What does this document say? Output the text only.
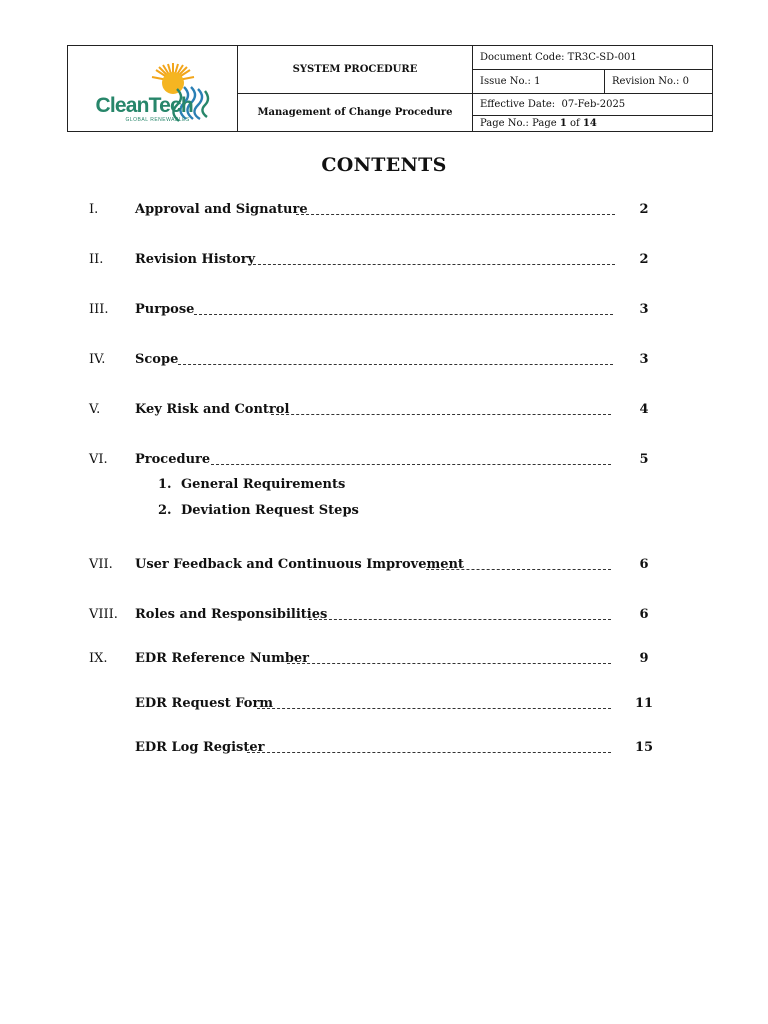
CleanTech
GLOBAL RENEWABLES	SYSTEM PROCEDURE	Document Code: TR3C-SD-001	
		Issue No.: 1	Revision No.: 0
	Management of Change Procedure	Effective Date: 07-Feb-2025	
		Page No.: Page 1 of 14	
CONTENTS
I.	Approval and Signature	2
II. Revision History	2
III. Purpose	3
IV. Scope	3
V.	Key Risk and Control	4
VI. Procedure	5
1. General Requirements
2. Deviation Request Steps
VII. User Feedback and Continuous Improvement	6
VIII. Roles and Responsibilities	6
IX. EDR Reference Number	9
EDR Request Form	11
EDR Log Register	15
